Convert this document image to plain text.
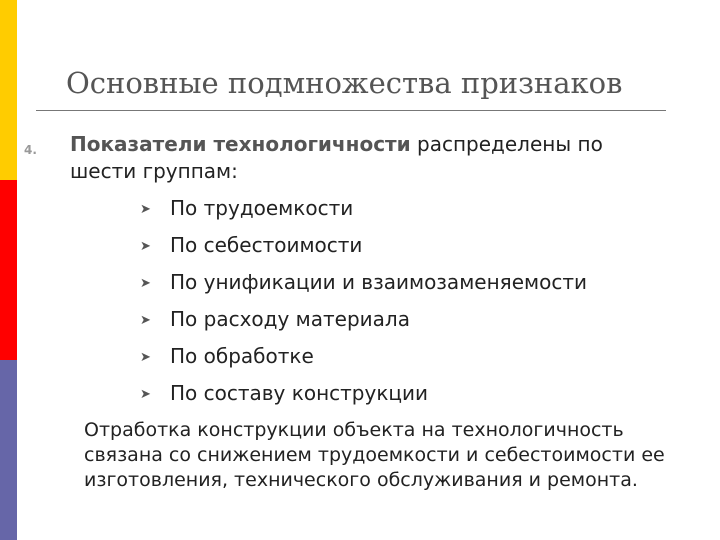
Основные подмножества признаков
4. Показатели технологичности распределены по шести группам:
➤ По трудоемкости
➤ По себестоимости
➤ По унификации и взаимозаменяемости
➤ По расходу материала
➤ По обработке
➤ По составу конструкции
Отработка конструкции объекта на технологичность связана со снижением трудоемкости и себестоимости ее изготовления, технического обслуживания и ремонта.
